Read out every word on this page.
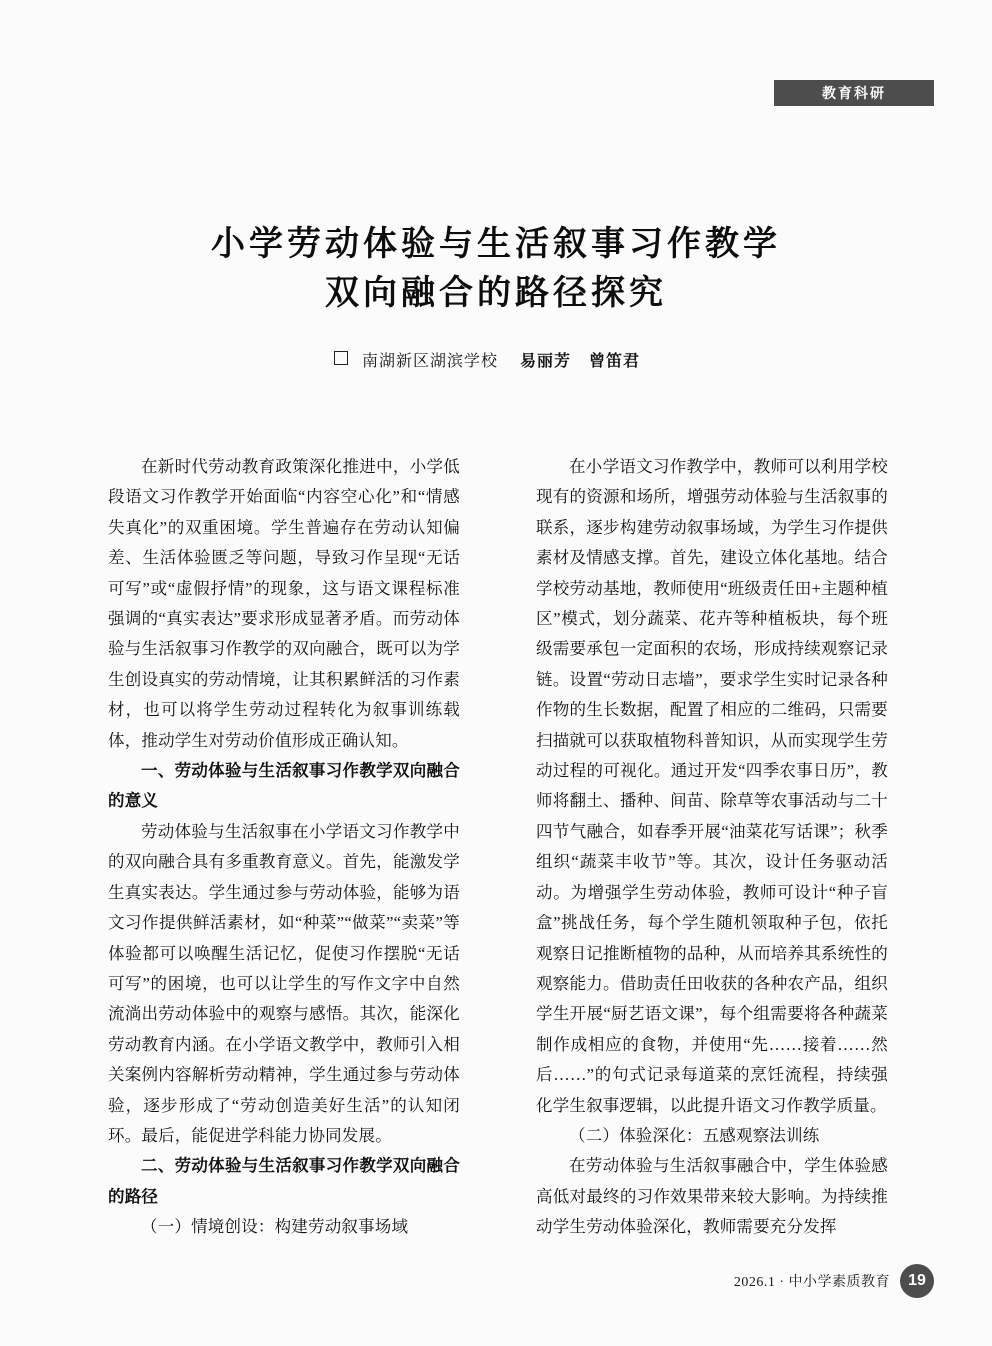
教育科研
小学劳动体验与生活叙事习作教学
双向融合的路径探究
南湖新区湖滨学校 易丽芳 曾笛君

在新时代劳动教育政策深化推进中，小学低段语文习作教学开始面临“内容空心化”和“情感失真化”的双重困境。学生普遍存在劳动认知偏差、生活体验匮乏等问题，导致习作呈现“无话可写”或“虚假抒情”的现象，这与语文课程标准强调的“真实表达”要求形成显著矛盾。而劳动体验与生活叙事习作教学的双向融合，既可以为学生创设真实的劳动情境，让其积累鲜活的习作素材，也可以将学生劳动过程转化为叙事训练载体，推动学生对劳动价值形成正确认知。

一、劳动体验与生活叙事习作教学双向融合的意义

劳动体验与生活叙事在小学语文习作教学中的双向融合具有多重教育意义。首先，能激发学生真实表达。学生通过参与劳动体验，能够为语文习作提供鲜活素材，如“种菜”“做菜”“卖菜”等体验都可以唤醒生活记忆，促使习作摆脱“无话可写”的困境，也可以让学生的写作文字中自然流淌出劳动体验中的观察与感悟。其次，能深化劳动教育内涵。在小学语文教学中，教师引入相关案例内容解析劳动精神，学生通过参与劳动体验，逐步形成了“劳动创造美好生活”的认知闭环。最后，能促进学科能力协同发展。

二、劳动体验与生活叙事习作教学双向融合的路径

（一）情境创设：构建劳动叙事场域

在小学语文习作教学中，教师可以利用学校现有的资源和场所，增强劳动体验与生活叙事的联系，逐步构建劳动叙事场域，为学生习作提供素材及情感支撑。首先，建设立体化基地。结合学校劳动基地，教师使用“班级责任田+主题种植区”模式，划分蔬菜、花卉等种植板块，每个班级需要承包一定面积的农场，形成持续观察记录链。设置“劳动日志墙”，要求学生实时记录各种作物的生长数据，配置了相应的二维码，只需要扫描就可以获取植物科普知识，从而实现学生劳动过程的可视化。通过开发“四季农事日历”，教师将翻土、播种、间苗、除草等农事活动与二十四节气融合，如春季开展“油菜花写话课”；秋季组织“蔬菜丰收节”等。其次，设计任务驱动活动。为增强学生劳动体验，教师可设计“种子盲盒”挑战任务，每个学生随机领取种子包，依托观察日记推断植物的品种，从而培养其系统性的观察能力。借助责任田收获的各种农产品，组织学生开展“厨艺语文课”，每个组需要将各种蔬菜制作成相应的食物，并使用“先……接着……然后……”的句式记录每道菜的烹饪流程，持续强化学生叙事逻辑，以此提升语文习作教学质量。

（二）体验深化：五感观察法训练

在劳动体验与生活叙事融合中，学生体验感高低对最终的习作效果带来较大影响。为持续推动学生劳动体验深化，教师需要充分发挥

2026.1 · 中小学素质教育	19
